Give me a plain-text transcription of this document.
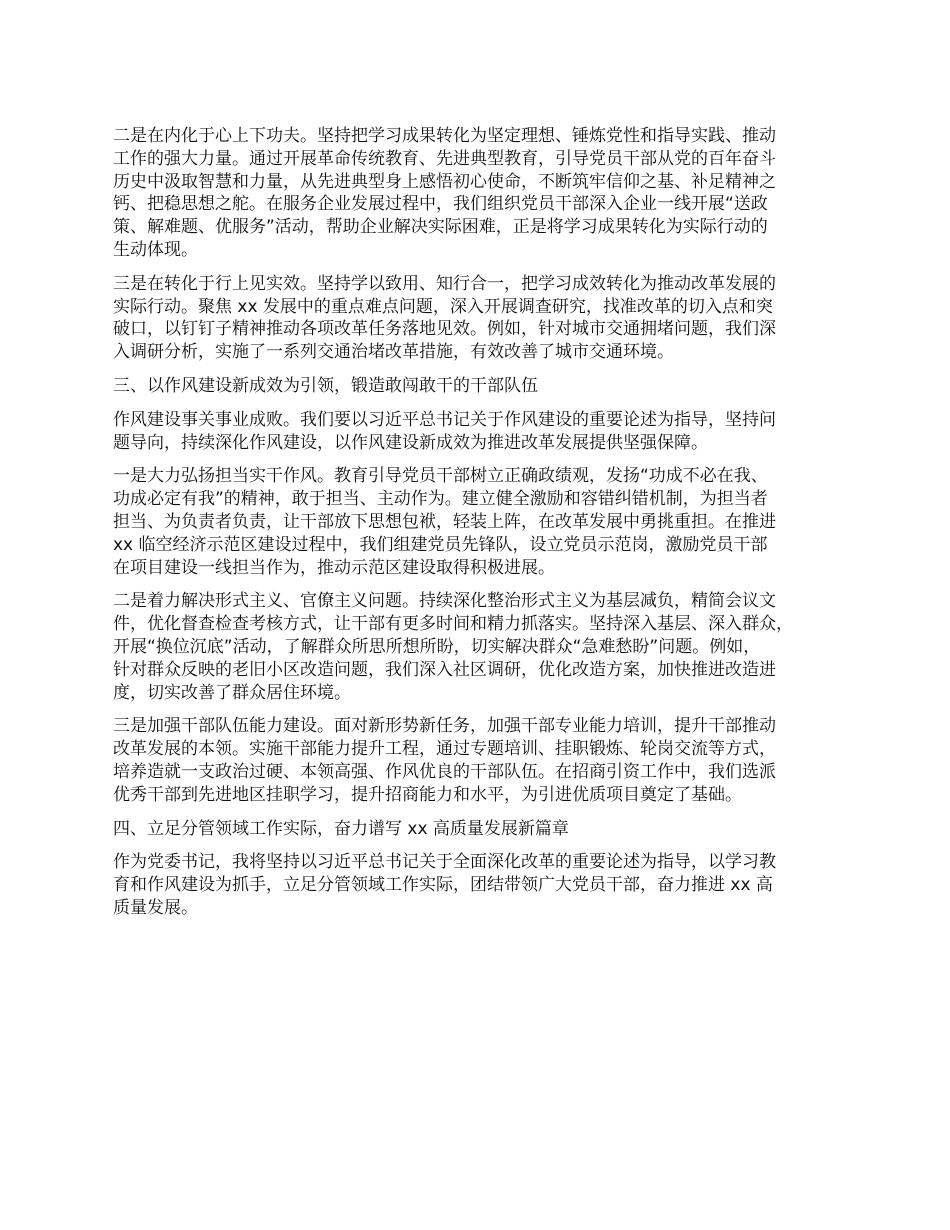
二是在内化于心上下功夫。坚持把学习成果转化为坚定理想、锤炼党性和指导实践、推动
工作的强大力量。通过开展革命传统教育、先进典型教育，引导党员干部从党的百年奋斗
历史中汲取智慧和力量，从先进典型身上感悟初心使命，不断筑牢信仰之基、补足精神之
钙、把稳思想之舵。在服务企业发展过程中，我们组织党员干部深入企业一线开展“送政
策、解难题、优服务”活动，帮助企业解决实际困难，正是将学习成果转化为实际行动的
生动体现。
三是在转化于行上见实效。坚持学以致用、知行合一，把学习成效转化为推动改革发展的
实际行动。聚焦 xx 发展中的重点难点问题，深入开展调查研究，找准改革的切入点和突
破口，以钉钉子精神推动各项改革任务落地见效。例如，针对城市交通拥堵问题，我们深
入调研分析，实施了一系列交通治堵改革措施，有效改善了城市交通环境。
三、以作风建设新成效为引领，锻造敢闯敢干的干部队伍
作风建设事关事业成败。我们要以习近平总书记关于作风建设的重要论述为指导，坚持问
题导向，持续深化作风建设，以作风建设新成效为推进改革发展提供坚强保障。
一是大力弘扬担当实干作风。教育引导党员干部树立正确政绩观，发扬“功成不必在我、
功成必定有我”的精神，敢于担当、主动作为。建立健全激励和容错纠错机制，为担当者
担当、为负责者负责，让干部放下思想包袱，轻装上阵，在改革发展中勇挑重担。在推进
xx 临空经济示范区建设过程中，我们组建党员先锋队，设立党员示范岗，激励党员干部
在项目建设一线担当作为，推动示范区建设取得积极进展。
二是着力解决形式主义、官僚主义问题。持续深化整治形式主义为基层减负，精简会议文
件，优化督查检查考核方式，让干部有更多时间和精力抓落实。坚持深入基层、深入群众，
开展“换位沉底”活动，了解群众所思所想所盼，切实解决群众“急难愁盼”问题。例如，
针对群众反映的老旧小区改造问题，我们深入社区调研，优化改造方案，加快推进改造进
度，切实改善了群众居住环境。
三是加强干部队伍能力建设。面对新形势新任务，加强干部专业能力培训，提升干部推动
改革发展的本领。实施干部能力提升工程，通过专题培训、挂职锻炼、轮岗交流等方式，
培养造就一支政治过硬、本领高强、作风优良的干部队伍。在招商引资工作中，我们选派
优秀干部到先进地区挂职学习，提升招商能力和水平，为引进优质项目奠定了基础。
四、立足分管领域工作实际，奋力谱写 xx 高质量发展新篇章
作为党委书记，我将坚持以习近平总书记关于全面深化改革的重要论述为指导，以学习教
育和作风建设为抓手，立足分管领域工作实际，团结带领广大党员干部，奋力推进 xx 高
质量发展。
